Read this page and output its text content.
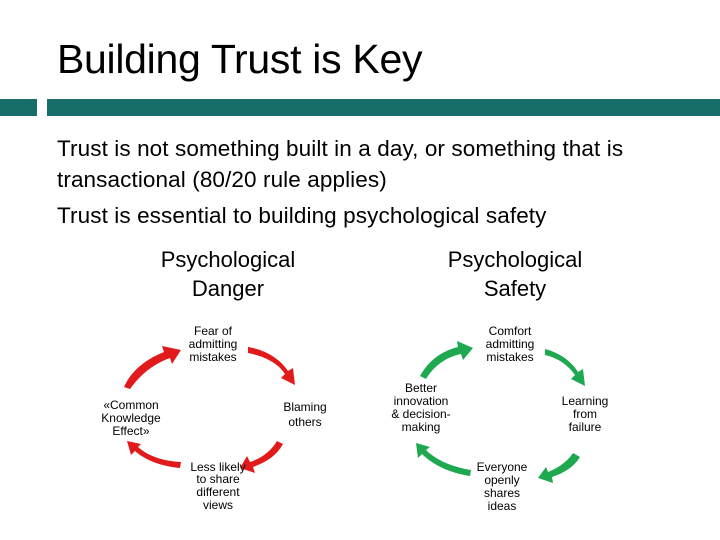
Building Trust is Key
Trust is not something built in a day, or something that is transactional (80/20 rule applies)
Trust is essential to building psychological safety
Psychological
Danger
Fear of
admitting
mistakes
Blaming
others
Less likely
to share
different
views
«Common
Knowledge
Effect»
Psychological
Safety
Comfort
admitting
mistakes
Learning
from
failure
Everyone
openly
shares
ideas
Better
innovation
& decision-
making
